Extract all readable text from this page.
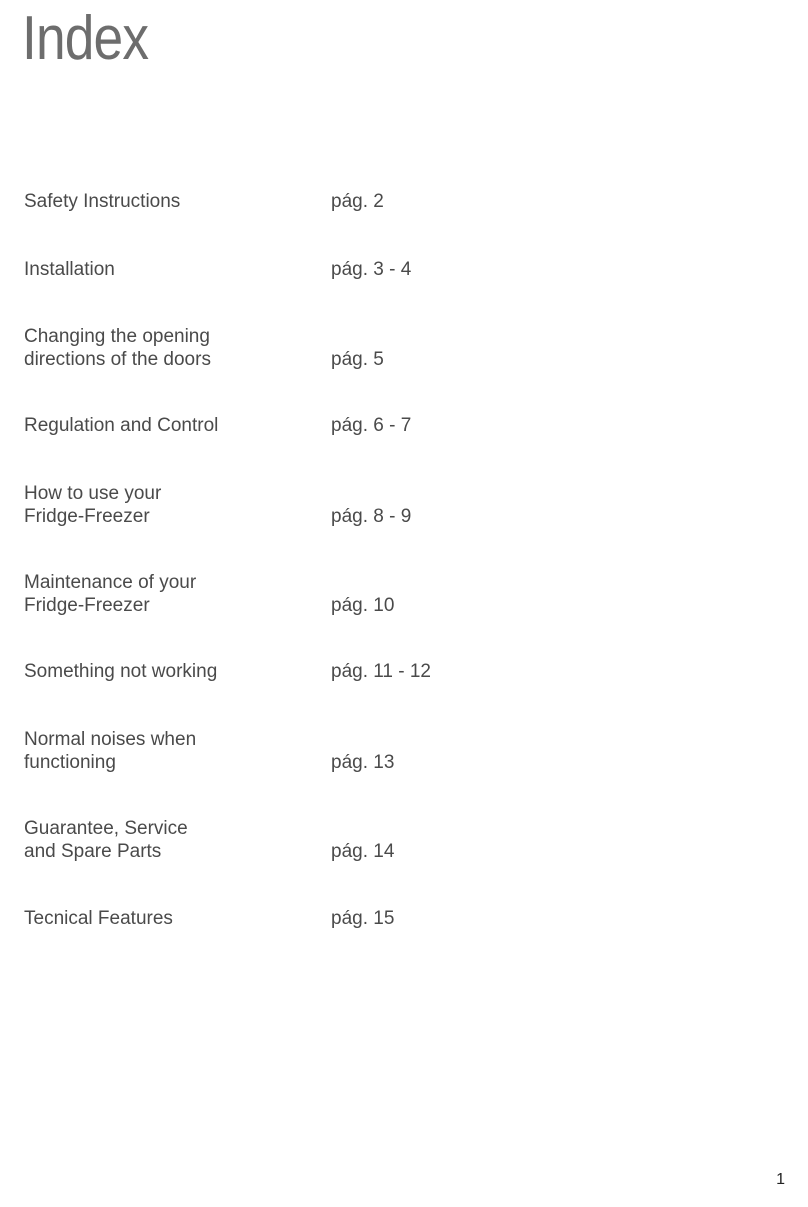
Index
Safety Instructions	pág. 2
Installation	pág. 3 - 4
Changing the opening
directions of the doors	pág. 5
Regulation and Control	pág. 6 - 7
How to use your
Fridge-Freezer	pág. 8 - 9
Maintenance of your
Fridge-Freezer	pág. 10
Something not working	pág. 11 - 12
Normal noises when
functioning	pág. 13
Guarantee, Service
and Spare Parts	pág. 14
Tecnical Features	pág. 15
1
